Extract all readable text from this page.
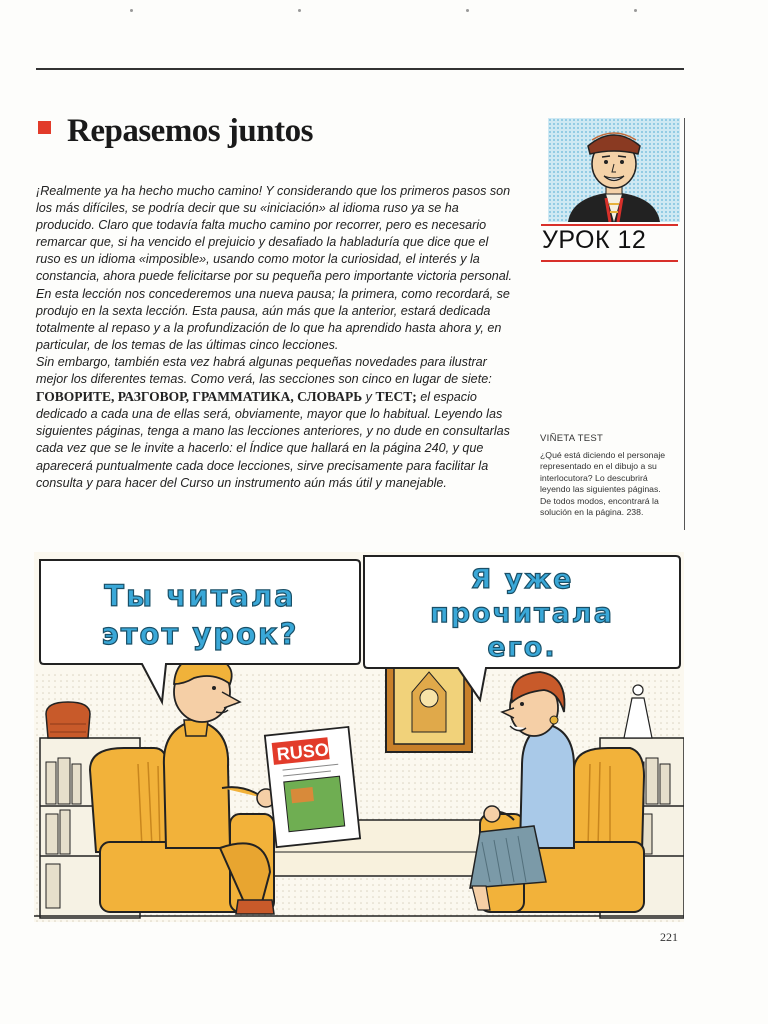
Repasemos juntos

¡Realmente ya ha hecho mucho camino! Y considerando que los primeros pasos son los más difíciles, se podría decir que su «iniciación» al idioma ruso ya se ha producido. Claro que todavía falta mucho camino por recorrer, pero es necesario remarcar que, si ha vencido el prejuicio y desafiado la habladuría que dice que el ruso es un idioma «imposible», usando como motor la curiosidad, el interés y la constancia, ahora puede felicitarse por su pequeña pero importante victoria personal.

En esta lección nos concederemos una nueva pausa; la primera, como recordará, se produjo en la sexta lección. Esta pausa, aún más que la anterior, estará dedicada totalmente al repaso y a la profundización de lo que ha aprendido hasta ahora y, en particular, de los temas de las últimas cinco lecciones.

Sin embargo, también esta vez habrá algunas pequeñas novedades para ilustrar mejor los diferentes temas. Como verá, las secciones son cinco en lugar de siete: ГОВОРИТЕ, РАЗГОВОР, ГРАММАТИКА, СЛОВАРЬ y ТЕСТ; el espacio dedicado a cada una de ellas será, obviamente, mayor que lo habitual. Leyendo las siguientes páginas, tenga a mano las lecciones anteriores, y no dude en consultarlas cada vez que se le invite a hacerlo: el Índice que hallará en la página 240, y que aparecerá puntualmente cada doce lecciones, sirve precisamente para facilitar la consulta y para hacer del Curso un instrumento aún más útil y manejable.

УРОК 12
VIÑETA TEST
¿Qué está diciendo el personaje representado en el dibujo a su interlocutora? Lo descubrirá leyendo las siguientes páginas. De todos modos, encontrará la solución en la página. 238.
RUSO
Ты читала
этот урок?
Я уже
прочитала
его.
221
